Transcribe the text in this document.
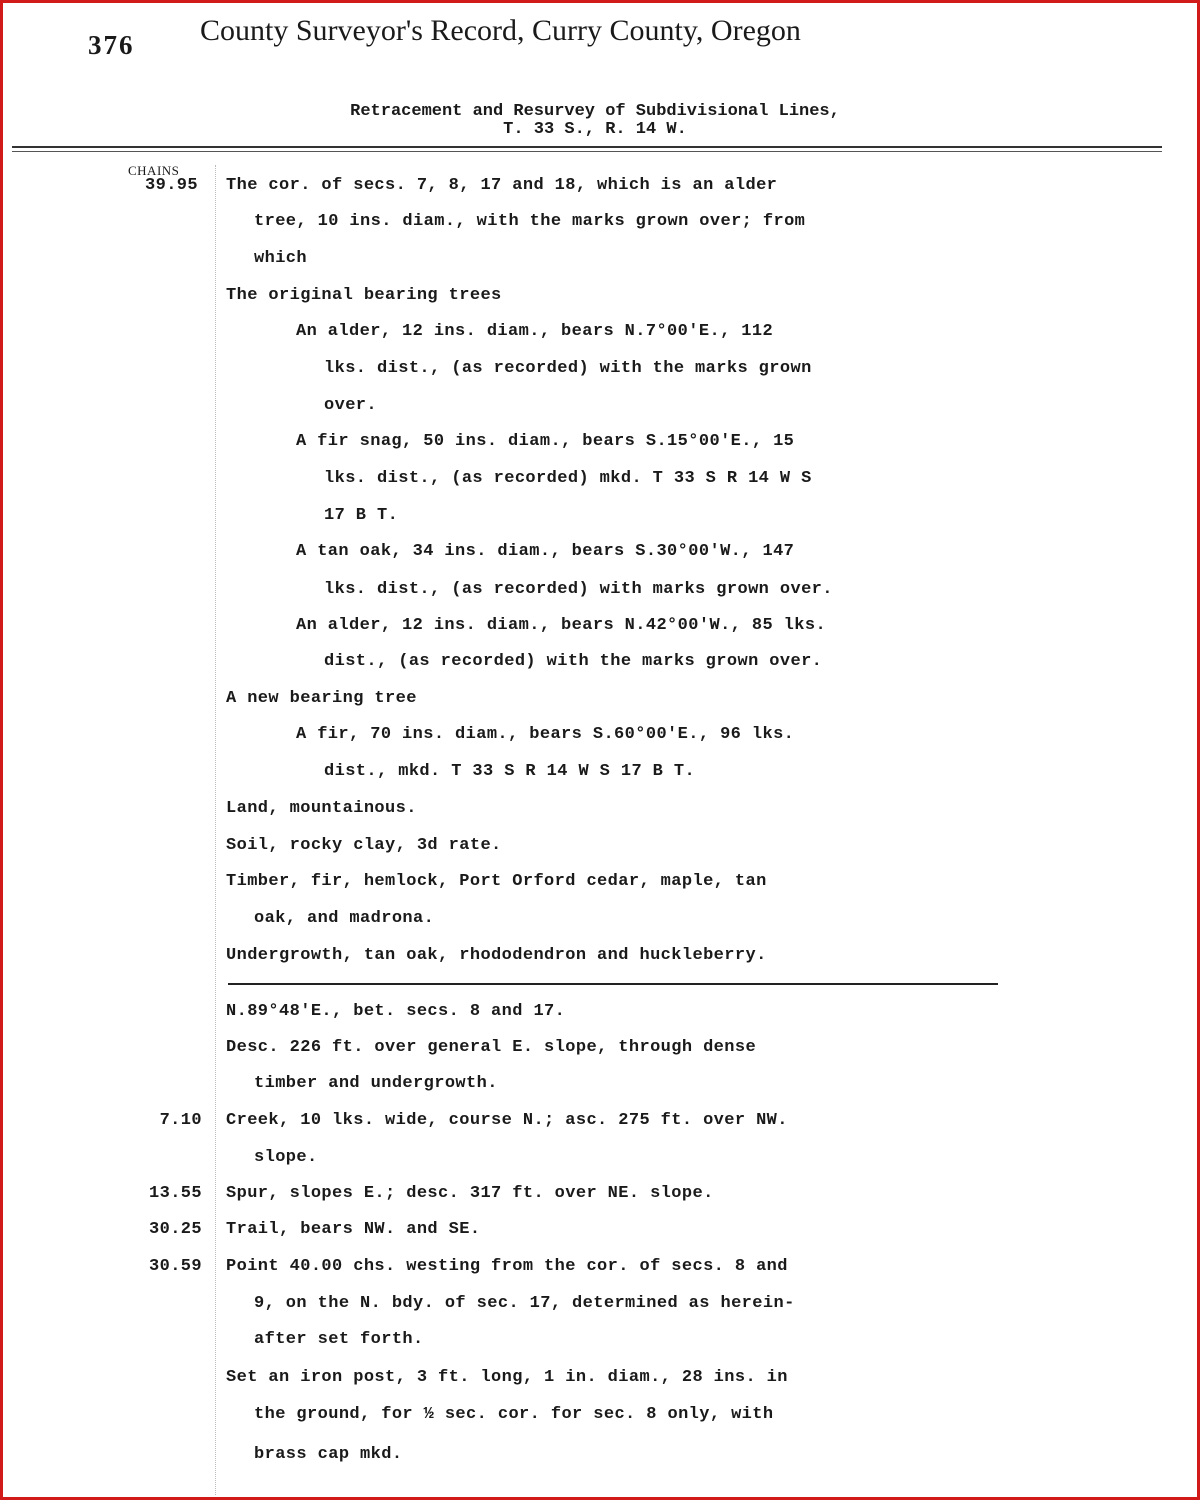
376 County Surveyor's Record, Curry County, Oregon
Retracement and Resurvey of Subdivisional Lines,
T. 33 S., R. 14 W.
CHAINS
39.95 The cor. of secs. 7, 8, 17 and 18, which is an alder
tree, 10 ins. diam., with the marks grown over; from
which
The original bearing trees
An alder, 12 ins. diam., bears N.7°00'E., 112
lks. dist., (as recorded) with the marks grown
over.
A fir snag, 50 ins. diam., bears S.15°00'E., 15
lks. dist., (as recorded) mkd. T 33 S R 14 W S
17 B T.
A tan oak, 34 ins. diam., bears S.30°00'W., 147
lks. dist., (as recorded) with marks grown over.
An alder, 12 ins. diam., bears N.42°00'W., 85 lks.
dist., (as recorded) with the marks grown over.
A new bearing tree
A fir, 70 ins. diam., bears S.60°00'E., 96 lks.
dist., mkd. T 33 S R 14 W S 17 B T.
Land, mountainous.
Soil, rocky clay, 3d rate.
Timber, fir, hemlock, Port Orford cedar, maple, tan
oak, and madrona.
Undergrowth, tan oak, rhododendron and huckleberry.
N.89°48'E., bet. secs. 8 and 17.
Desc. 226 ft. over general E. slope, through dense
timber and undergrowth.
7.10 Creek, 10 lks. wide, course N.; asc. 275 ft. over NW.
slope.
13.55 Spur, slopes E.; desc. 317 ft. over NE. slope.
30.25 Trail, bears NW. and SE.
30.59 Point 40.00 chs. westing from the cor. of secs. 8 and
9, on the N. bdy. of sec. 17, determined as herein-
after set forth.
Set an iron post, 3 ft. long, 1 in. diam., 28 ins. in
the ground, for ½ sec. cor. for sec. 8 only, with
brass cap mkd.
